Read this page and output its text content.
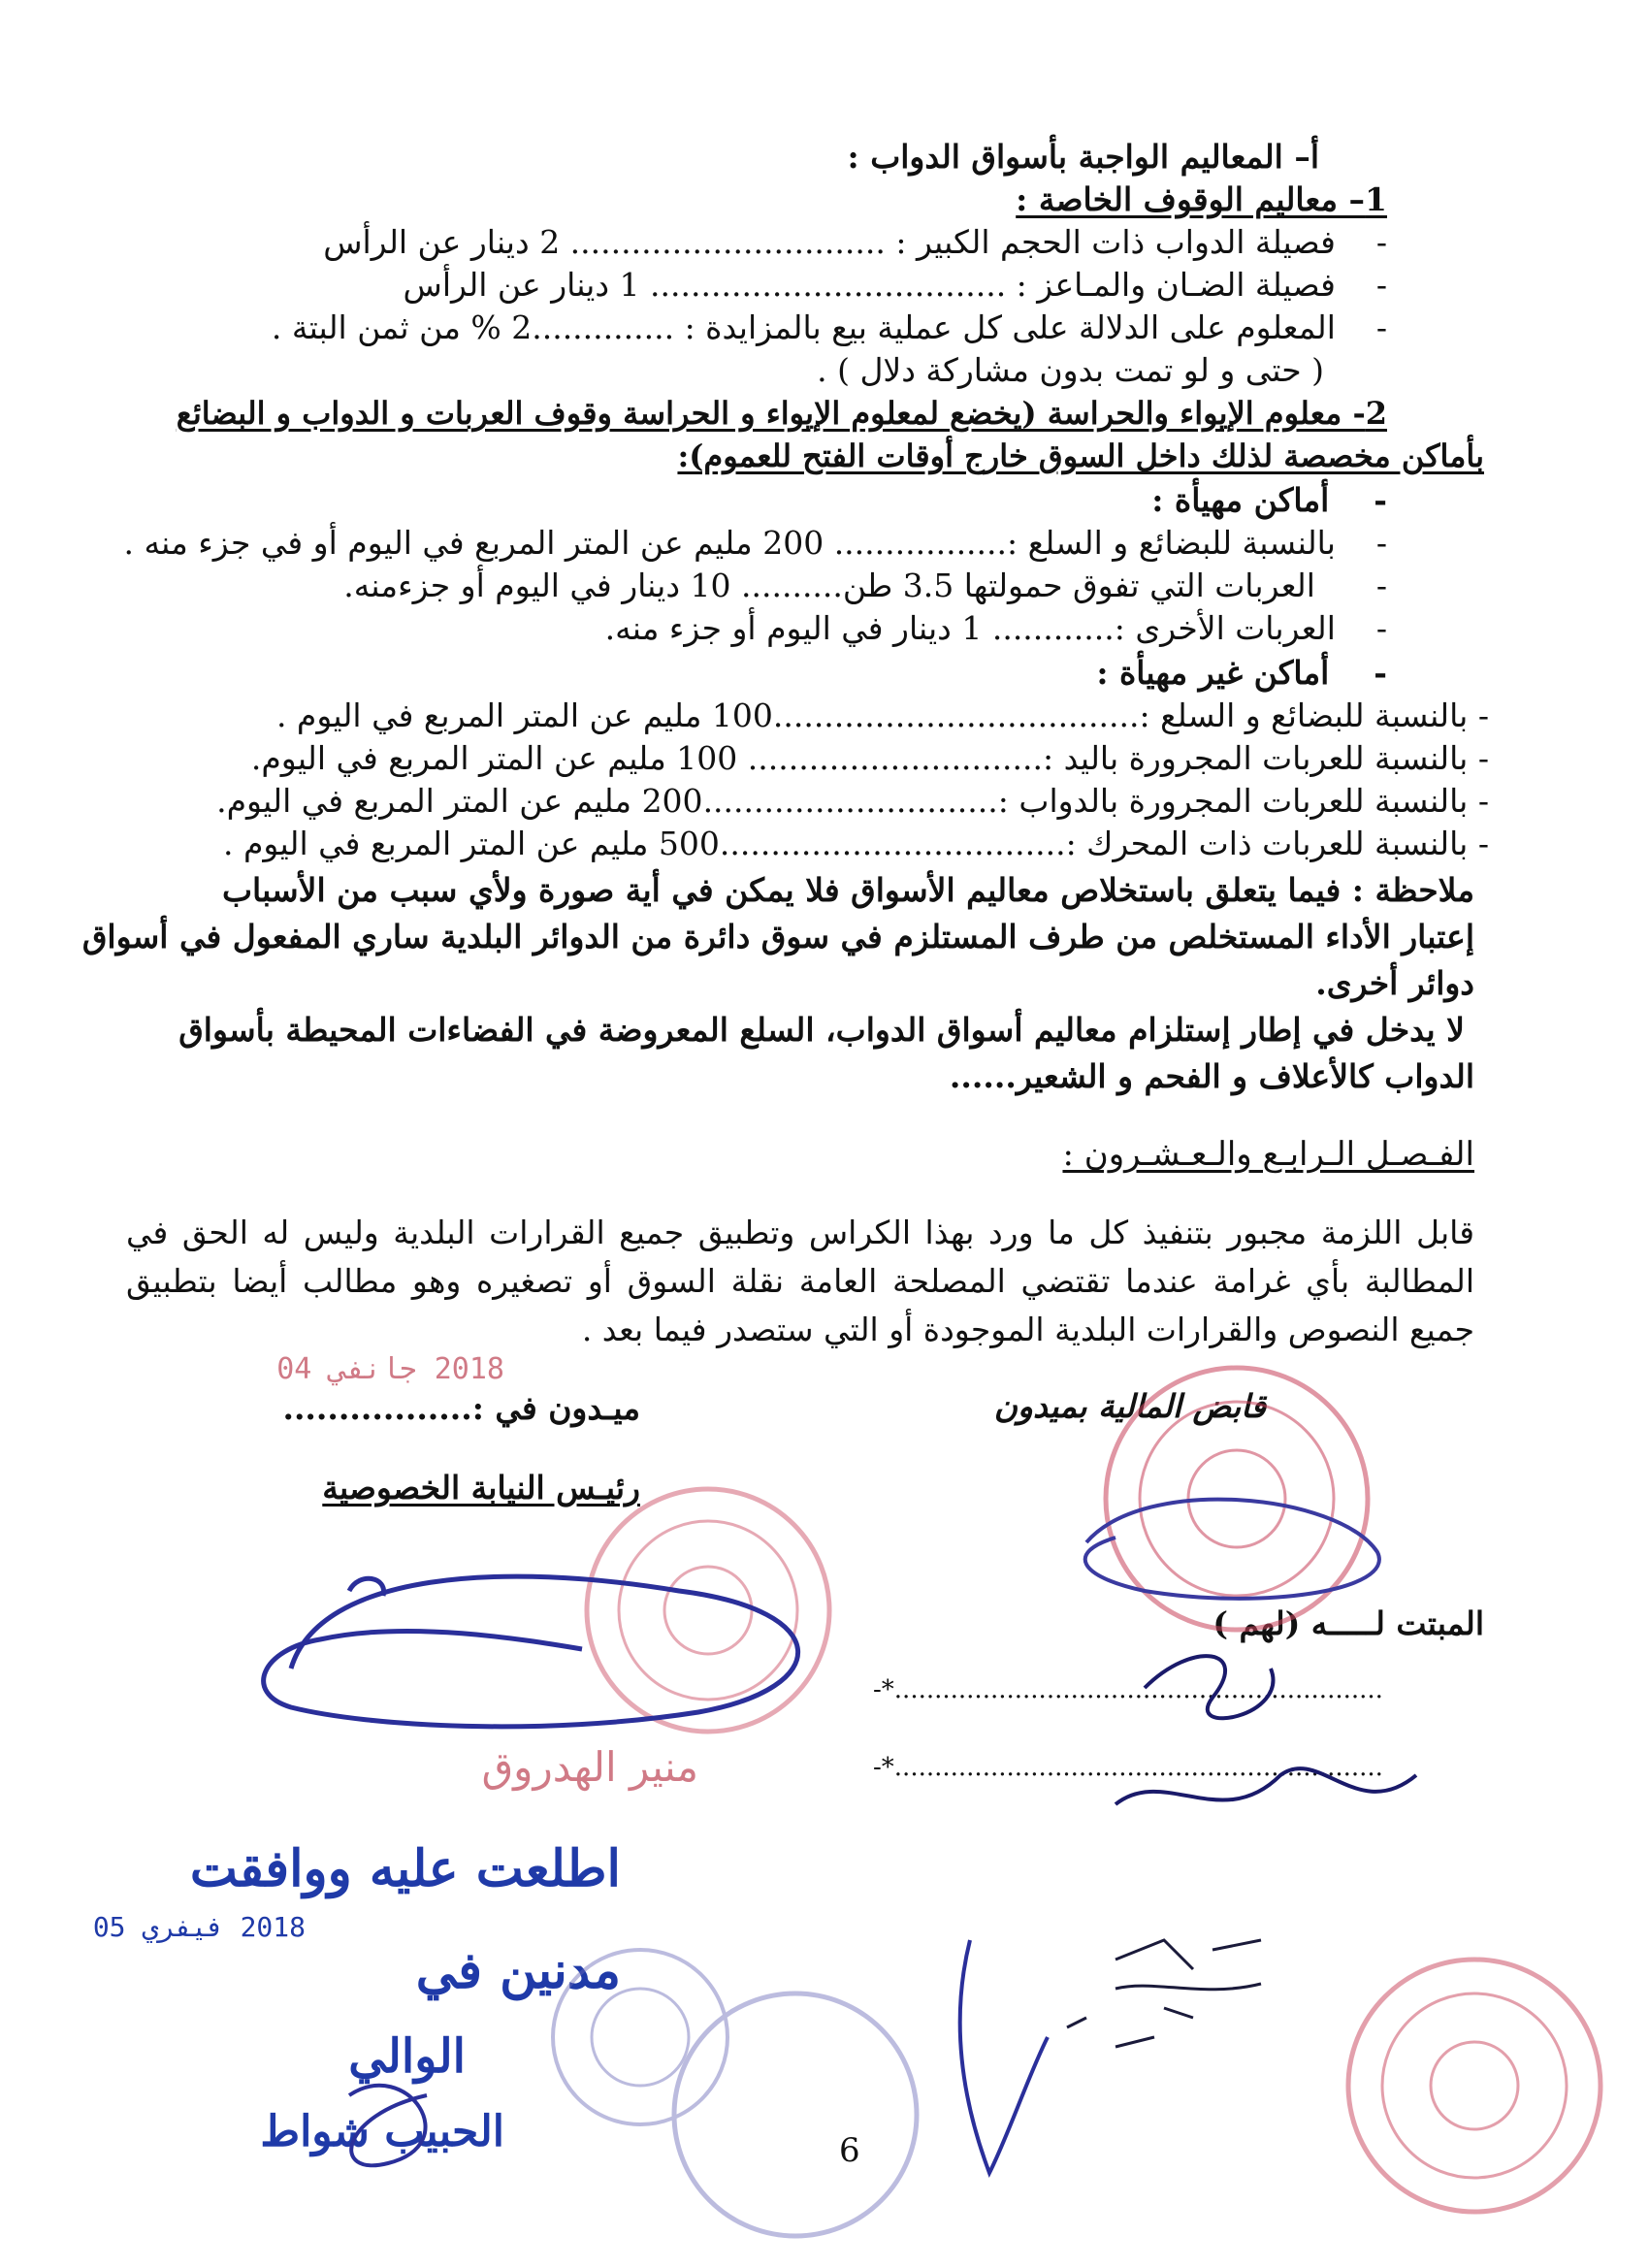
أ– المعاليم الواجبة بأسواق الدواب :
1– معاليم الوقوف الخاصة :
-    فصيلة الدواب ذات الحجم الكبير : ............................... 2 دينار عن الرأس
-    فصيلة الضـان والمـاعز : ................................... 1 دينار عن الرأس
-    المعلوم على الدلالة على كل عملية بيع بالمزايدة : ..............2 % من ثمن البتة .
( حتى و لو تمت بدون مشاركة دلال ) .
2- معلوم الإيواء والحراسة (يخضع لمعلوم الإيواء و الحراسة وقوف العربات و الدواب و البضائع
بأماكن مخصصة لذلك داخل السوق خارج أوقات الفتح للعموم):
-    أماكن مهيأة :
-    بالنسبة للبضائع و السلع :................. 200 مليم عن المتر المربع في اليوم أو في جزء منه .
-      العربات التي تفوق حمولتها 3.5 طن.......... 10 دينار في اليوم أو جزءمنه.
-    العربات الأخرى :............ 1 دينار في اليوم أو جزء منه.
-    أماكن غير مهيأة :
- بالنسبة للبضائع و السلع :....................................100 مليم عن المتر المربع في اليوم .
- بالنسبة للعربات المجرورة باليد :............................. 100 مليم عن المتر المربع في اليوم.
- بالنسبة للعربات المجرورة بالدواب :.............................200 مليم عن المتر المربع في اليوم.
- بالنسبة للعربات ذات المحرك :..................................500 مليم عن المتر المربع في اليوم .
ملاحظة : فيما يتعلق باستخلاص معاليم الأسواق فلا يمكن في أية صورة ولأي سبب من الأسباب
إعتبار الأداء المستخلص من طرف المستلزم في سوق دائرة من الدوائر البلدية ساري المفعول في أسواق
دوائر أخرى.
لا يدخل في إطار إستلزام معاليم أسواق الدواب، السلع المعروضة في الفضاءات المحيطة بأسواق
الدواب كالأعلاف و الفحم و الشعير......
الفـصـل الـرابـع والـعـشـرون :
قابل اللزمة مجبور بتنفيذ كل ما ورد بهذا الكراس وتطبيق جميع القرارات البلدية وليس له الحق في المطالبة بأي غرامة عندما تقتضي المصلحة العامة نقلة السوق أو تصغيره وهو مطالب أيضا بتطبيق جميع النصوص والقرارات البلدية الموجودة أو التي ستصدر فيما بعد .
قابض المالية بميدون
ميـدون في :.................
2018 جانفي 04
رئيـس النيابة الخصوصية
المبتت لـــــه (لهم )
-*.............................................................
-*.............................................................
منير الهدروق
اطلعت عليه ووافقت
2018 فيفري 05
مدنين في
الوالي
الحبيب شواط	6
